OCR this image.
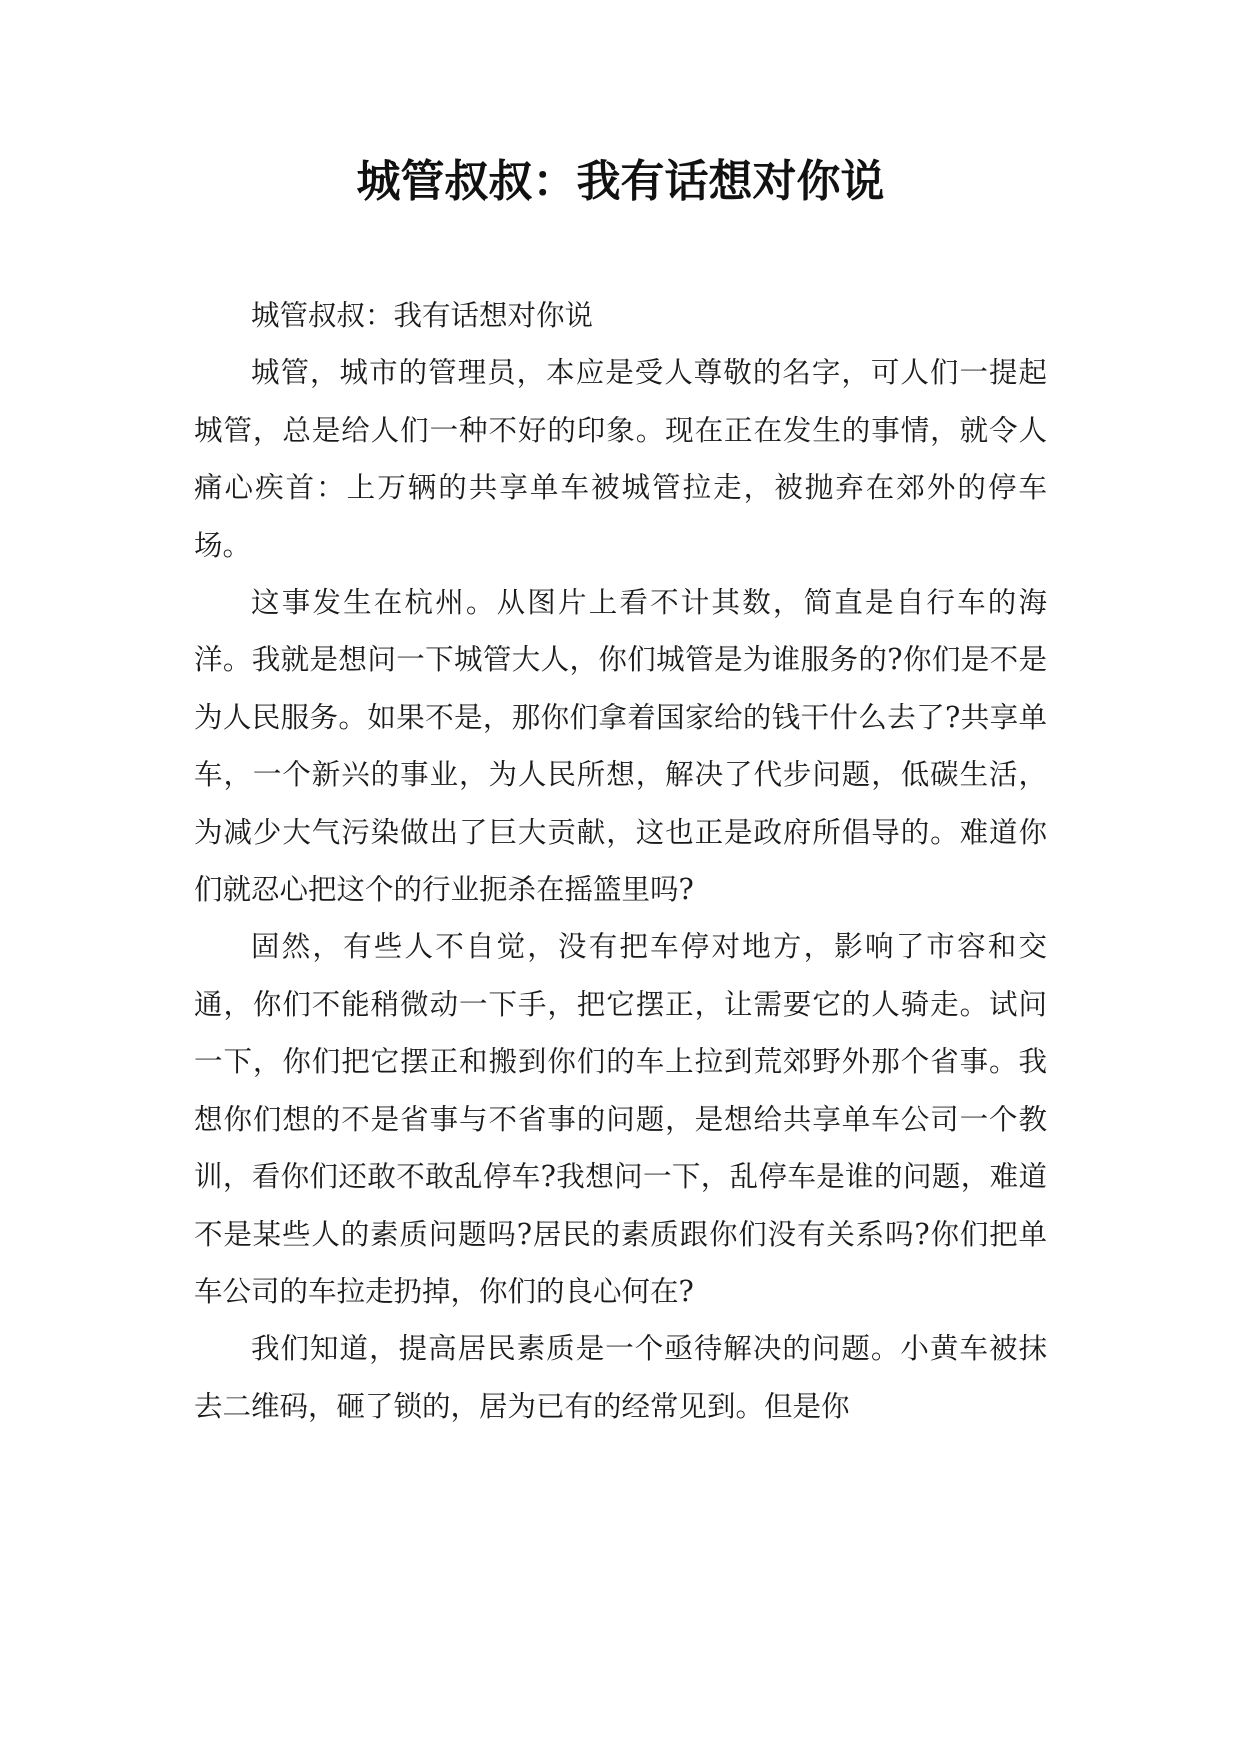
城管叔叔：我有话想对你说

城管叔叔：我有话想对你说

城管，城市的管理员，本应是受人尊敬的名字，可人们一提起城管，总是给人们一种不好的印象。现在正在发生的事情，就令人痛心疾首：上万辆的共享单车被城管拉走，被抛弃在郊外的停车场。

这事发生在杭州。从图片上看不计其数，简直是自行车的海洋。我就是想问一下城管大人，你们城管是为谁服务的?你们是不是为人民服务。如果不是，那你们拿着国家给的钱干什么去了?共享单车，一个新兴的事业，为人民所想，解决了代步问题，低碳生活，为减少大气污染做出了巨大贡献，这也正是政府所倡导的。难道你们就忍心把这个的行业扼杀在摇篮里吗?

固然，有些人不自觉，没有把车停对地方，影响了市容和交通，你们不能稍微动一下手，把它摆正，让需要它的人骑走。试问一下，你们把它摆正和搬到你们的车上拉到荒郊野外那个省事。我想你们想的不是省事与不省事的问题，是想给共享单车公司一个教训，看你们还敢不敢乱停车?我想问一下，乱停车是谁的问题，难道不是某些人的素质问题吗?居民的素质跟你们没有关系吗?你们把单车公司的车拉走扔掉，你们的良心何在?

我们知道，提高居民素质是一个亟待解决的问题。小黄车被抹去二维码，砸了锁的，居为已有的经常见到。但是你
